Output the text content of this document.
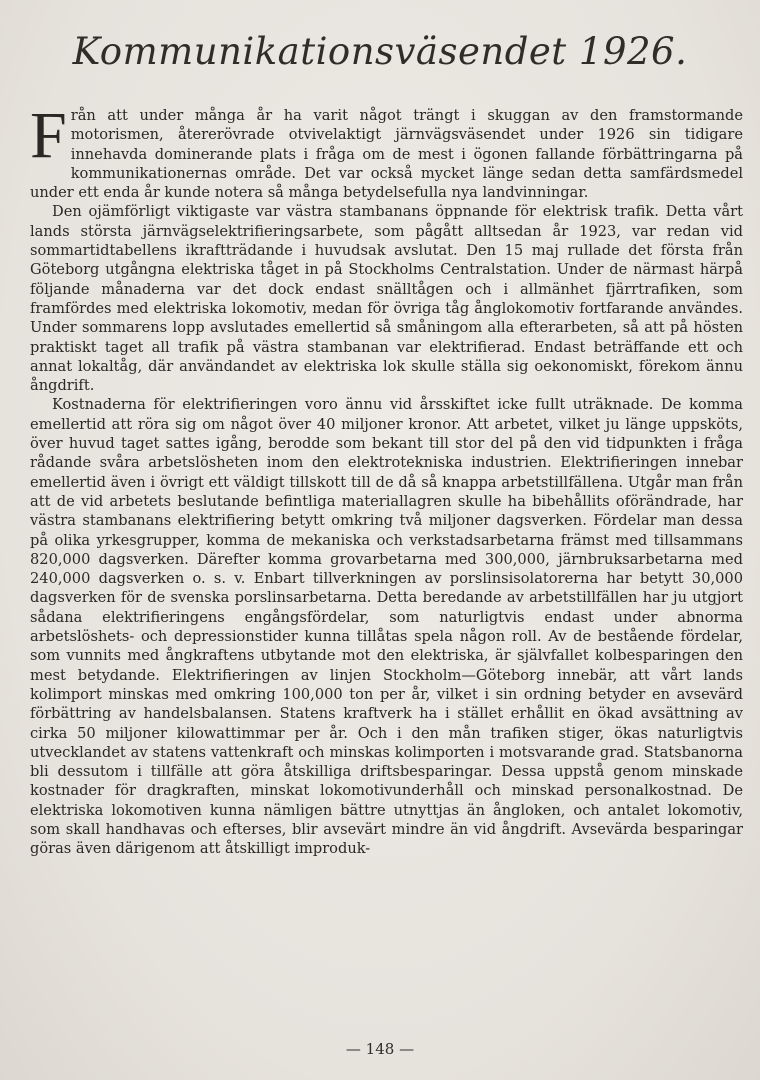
Kommunikationsväsendet 1926.

Från att under många år ha varit något trängt i skuggan av den framstormande motorismen, återerövrade otvivelaktigt järnvägsväsendet under 1926 sin tidigare innehavda dominerande plats i fråga om de mest i ögonen fallande förbättringarna på kommunikationernas område. Det var också mycket länge sedan detta samfärdsmedel under ett enda år kunde notera så många betydelsefulla nya landvinningar.

Den ojämförligt viktigaste var västra stambanans öppnande för elektrisk trafik. Detta vårt lands största järnvägselektrifieringsarbete, som pågått alltsedan år 1923, var redan vid sommartidtabellens ikraftträdande i huvudsak avslutat. Den 15 maj rullade det första från Göteborg utgångna elektriska tåget in på Stockholms Centralstation. Under de närmast härpå följande månaderna var det dock endast snälltågen och i allmänhet fjärrtrafiken, som framfördes med elektriska lokomotiv, medan för övriga tåg ånglokomotiv fortfarande användes. Under sommarens lopp avslutades emellertid så småningom alla efterarbeten, så att på hösten praktiskt taget all trafik på västra stambanan var elektrifierad. Endast beträffande ett och annat lokaltåg, där användandet av elektriska lok skulle ställa sig oekonomiskt, förekom ännu ångdrift.

Kostnaderna för elektrifieringen voro ännu vid årsskiftet icke fullt uträknade. De komma emellertid att röra sig om något över 40 miljoner kronor. Att arbetet, vilket ju länge uppsköts, över huvud taget sattes igång, berodde som bekant till stor del på den vid tidpunkten i fråga rådande svåra arbetslösheten inom den elektrotekniska industrien. Elektrifieringen innebar emellertid även i övrigt ett väldigt tillskott till de då så knappa arbetstillfällena. Utgår man från att de vid arbetets beslutande befintliga materiallagren skulle ha bibehållits oförändrade, har västra stambanans elektrifiering betytt omkring två miljoner dagsverken. Fördelar man dessa på olika yrkesgrupper, komma de mekaniska och verkstadsarbetarna främst med tillsammans 820,000 dagsverken. Därefter komma grovarbetarna med 300,000, järnbruksarbetarna med 240,000 dagsverken o. s. v. Enbart tillverkningen av porslinsisolatorerna har betytt 30,000 dagsverken för de svenska porslinsarbetarna. Detta beredande av arbetstillfällen har ju utgjort sådana elektrifieringens engångsfördelar, som naturligtvis endast under abnorma arbetslöshets- och depressionstider kunna tillåtas spela någon roll. Av de bestående fördelar, som vunnits med ångkraftens utbytande mot den elektriska, är självfallet kolbesparingen den mest betydande. Elektrifieringen av linjen Stockholm—Göteborg innebär, att vårt lands kolimport minskas med omkring 100,000 ton per år, vilket i sin ordning betyder en avsevärd förbättring av handelsbalansen. Statens kraftverk ha i stället erhållit en ökad avsättning av cirka 50 miljoner kilowattimmar per år. Och i den mån trafiken stiger, ökas naturligtvis utvecklandet av statens vattenkraft och minskas kolimporten i motsvarande grad. Statsbanorna bli dessutom i tillfälle att göra åtskilliga driftsbesparingar. Dessa uppstå genom minskade kostnader för dragkraften, minskat lokomotivunderhåll och minskad personalkostnad. De elektriska lokomotiven kunna nämligen bättre utnyttjas än ångloken, och antalet lokomotiv, som skall handhavas och efterses, blir avsevärt mindre än vid ångdrift. Avsevärda besparingar göras även därigenom att åtskilligt improduk-

— 148 —
